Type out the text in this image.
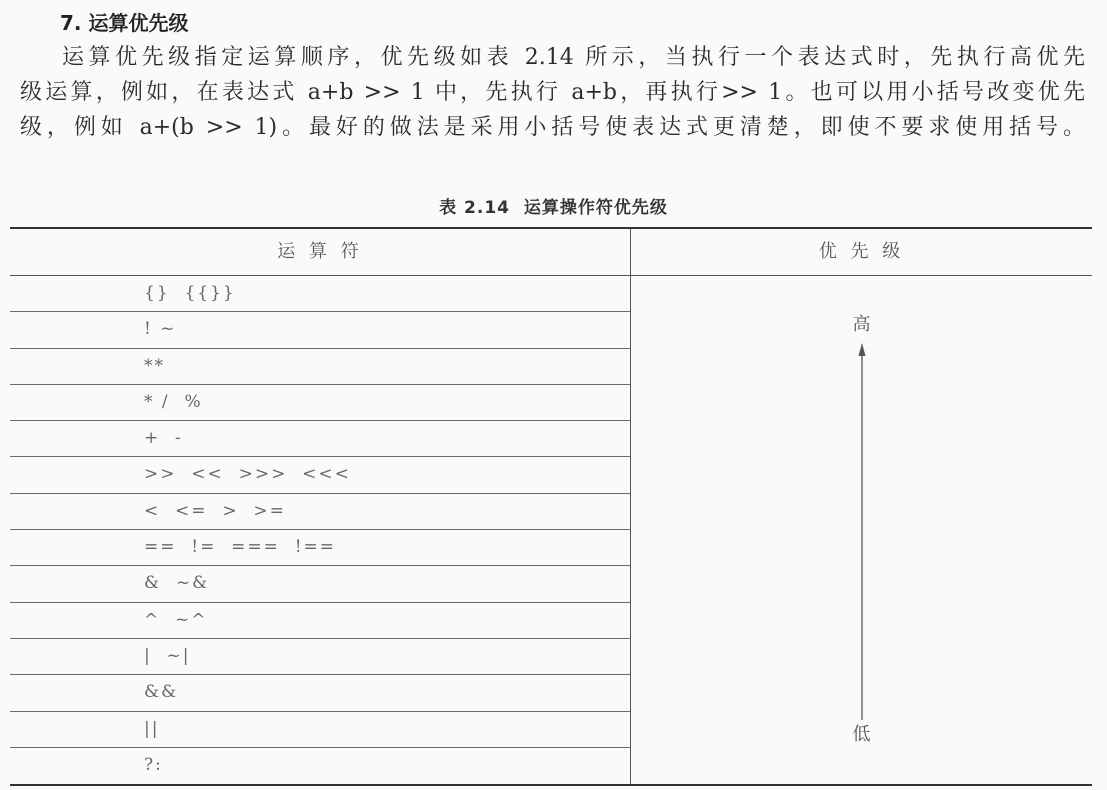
7. 运算优先级
运算优先级指定运算顺序，优先级如表 2.14 所示，当执行一个表达式时，先执行高优先
级运算，例如，在表达式 a+b >> 1 中，先执行 a+b，再执行>> 1。也可以用小括号改变优先
级，例如 a+(b >> 1)。最好的做法是采用小括号使表达式更清楚，即使不要求使用括号。
表 2.14  运算操作符优先级
运 算 符	优 先 级
{}  {{}}
! ~
**
* /  %
+  -
>>  <<  >>>  <<<
<  <=  >  >=
==  !=  ===  !==
&  ~&
^  ~^
|  ~|
&&
||
?:
高
低
